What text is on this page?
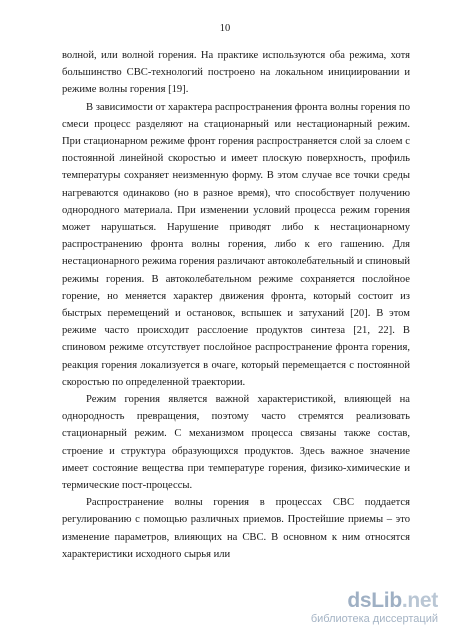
10

волной, или волной горения. На практике используются оба режима, хотя большинство СВС-технологий построено на локальном инициировании и режиме волны горения [19].

В зависимости от характера распространения фронта волны горения по смеси процесс разделяют на стационарный или нестационарный режим. При стационарном режиме фронт горения распространяется слой за слоем с постоянной линейной скоростью и имеет плоскую поверхность, профиль температуры сохраняет неизменную форму. В этом случае все точки среды нагреваются одинаково (но в разное время), что способствует получению однородного материала. При изменении условий процесса режим горения может нарушаться. Нарушение приводят либо к нестационарному распространению фронта волны горения, либо к его гашению. Для нестационарного режима горения различают автоколебательный и спиновый режимы горения. В автоколебательном режиме сохраняется послойное горение, но меняется характер движения фронта, который состоит из быстрых перемещений и остановок, вспышек и затуханий [20]. В этом режиме часто происходит расслоение продуктов синтеза [21, 22]. В спиновом режиме отсутствует послойное распространение фронта горения, реакция горения локализуется в очаге, который перемещается с постоянной скоростью по определенной траектории.

Режим горения является важной характеристикой, влияющей на однородность превращения, поэтому часто стремятся реализовать стационарный режим. С механизмом процесса связаны также состав, строение и структура образующихся продуктов. Здесь важное значение имеет состояние вещества при температуре горения, физико-химические и термические пост-процессы.

Распространение волны горения в процессах СВС поддается регулированию с помощью различных приемов. Простейшие приемы – это изменение параметров, влияющих на СВС. В основном к ним относятся характеристики исходного сырья или

dsLib.net
библиотека диссертаций
